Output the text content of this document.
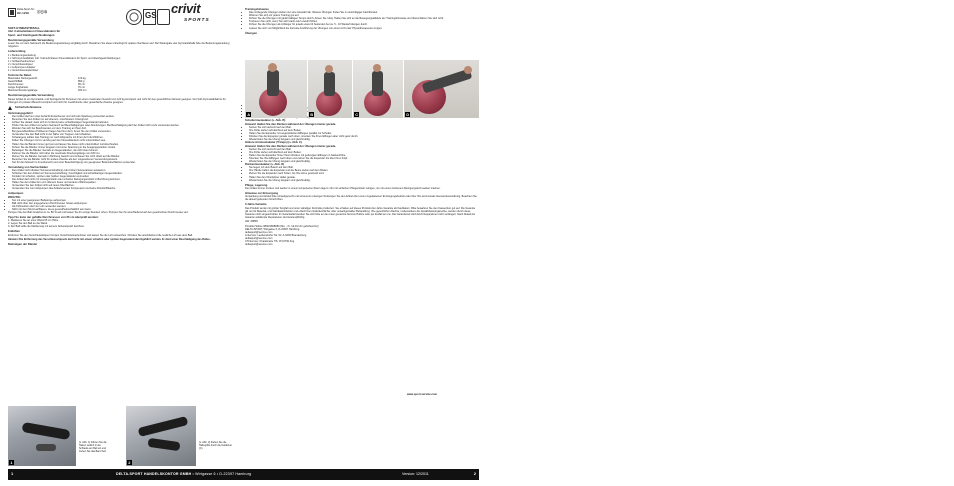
Delta-Sport-Nr.:
GF-1219	ⓒⓔ⊗	GS crivit
SPORTS
SOFT-GYMNASTIKBALL
inkl. 3 abnehmbaren Fitnessbändern für
Sport- und Gleichgewichtsübungen
Bestimmungsgemäße Verwendung

Lesen Sie vor dem Gebrauch die Bedienungsanleitung sorgfältig durch. Bewahren Sie diese unbedingt für spätere Nachlesen auf. Bei Weitergabe des Gymnastikballs bitte die Bedienungsanleitung mitgeben.

Lieferumfang
1 x Bedienungsanleitung
1 x Soft-Gymnastikball, inkl. 3 abnehmbaren Fitnessbändern für Sport- und Gleichgewichtsübungen
1 x Schlauchaufnehmer
2 x Verschlussstöpsel
1 x Luftpumpen-Adapter
1 x Verschlussstopfenlöser
Technische Daten
Maximales Nutzergewicht:	120 kg
Gewicht/Ball:	890 g
Durchmesser:	65 cm
Länge Zugbänder:	70 cm
Maximal-Streckungslänge:	180 cm
Bestimmungsgemäße Verwendung

Dieser Artikel ist ein Gymnastik- und Sportgerät für Personen mit einem maximalen Gewicht von 120 kg konzipiert und nicht für den gewerblichen Einsatz geeignet. Der Soft-Gymnastikball ist für Übungen im privaten Bereich konzipiert und nicht für medizinische oder gewerbliche Zwecke geeignet.

Sicherheitshinweise
Verletzungsgefahr!
• Den Artikel darf nur unter Aufsicht Erwachsener und nicht als Spielzeug verwendet werden.
• Benutzen Sie den Artikel nur auf ebenem, rutschfestem Untergrund.
• Achten Sie darauf, dass sich im Umkreis keine scharfkantigen Gegenstände befinden.
• Prüfen Sie den Artikel vor jedem Gebrauch auf Beschädigungen oder Abnutzungen. Bei Beschädigung darf der Artikel nicht mehr verwendet werden.
• Wenden Sie sich bei Beschwerden vor dem Training an Ihren Arzt.
• Bei gesundheitlichen Problemen fragen Sie Ihren Arzt, bevor Sie den Artikel verwenden.
• Verwenden Sie den Ball nicht in der Nähe von Treppen oder Absätzen.
• Schwangere sollten das Training nur nach Absprache mit ihrem Arzt durchführen.
• Füllen Sie Übungen mit zu viel Zug auf den Fitnessbändern nicht unkontrolliert aus.
• Halten Sie die Bänder immer gut fest und lassen Sie diese nicht unkontrolliert zurückschnellen.
• Führen Sie die Bänder immer langsam und unter Spannung in die Ausgangsposition zurück.
• Befestigen Sie die Bänder niemals an Gegenständen, die sich lösen können.
• Dehnen Sie die Bänder nicht über die maximale Streckungslänge von 180 cm.
• Ziehen Sie die Bänder niemals in Richtung Gesicht und schauen Sie nicht direkt auf die Bänder.
• Benutzen Sie die Bänder nicht für andere Zwecke als den vorgesehenen Verwendungszweck.
• Nur für den Einsatz im Innenbereich und unter Beaufsichtigung von geeigneten Bodenoberflächen verwendet.
Vermeidung von Sachschäden
• Den Artikel nicht direkter Sonneneinstrahlung oder hohen Temperaturen aussetzen.
• Schützen Sie den Artikel vor Sonneneinstrahlung, Feuchtigkeit und scharfkantigen Gegenständen.
• Kontakt mit scharfen, spitzen oder heißen Gegenständen vermeiden.
• Der Artikel darf nicht mit Lösungsmitteln oder scharfen Reinigungsmitteln in Berührung kommen.
• Halten Sie den Artikel fern von offenem Feuer und anderen Wärmequellen.
• Verwenden Sie den Artikel nicht auf rauen Oberflächen.
• Verwenden Sie zum Aufpumpen des Artikels keinen Kompressor und keine Druckluftflasche.
Aufpumpen
WICHTIG:
• Nur mit einer geeigneten Ballpumpe aufpumpen.
• Ball nicht über den angegebenen Durchmesser hinaus aufpumpen.
• Als Füllmedium darf nur Luft verwendet werden.
• Nicht mit dem Mund aufblasen, da es gesundheitsschädlich sein kann.

Pumpen Sie den Ball zunächst zu ca. 80 % auf und lassen Sie ihn einige Stunden ruhen. Pumpen Sie ihn anschließend auf den gewünschten Durchmesser auf.

Tipp! So kann der gefüllte Durchmesser von 65 cm überprüft werden:
1. Markieren Sie an einer Wand 65 cm Höhe.
2. Legen Sie den Ball an die Wand.
3. Der Ball sollte die Markierung mit seinem Scheitelpunkt berühren.
Entlüften

Entfernen Sie den Verschlussstöpsel mit dem Verschlussstopfenlöser und lassen Sie die Luft entweichen. Drücken Sie anschließend die restliche Luft aus dem Ball.

Hinweis! Die Entfernung des Verschlussstöpsels darf nicht mit einem scharfen oder spitzen Gegenstand durchgeführt werden. Er dient einer Beschädigung des Balles.

Befestigen der Bänder
1
(s. Abb. 1) Führen Sie die Haken seitlich in die Schlaufe am Ball ein und ziehen Sie das Band fest.
2
(s. Abb. 2) Ziehen Sie die Haltegriffe durch die Karabiner (C).
Trainingshinweise
• Das vorliegende Übungen stellen nur eine Auswahl dar. Weitere Übungen finden Sie in einschlägiger Fachliteratur.
• Wärmen Sie sich vor jedem Training gut auf.
• Führen Sie die Übungen mit gleichmäßigen Tempo durch. Atmen Sie ruhig. Halten Sie sich an die Bewegungsabläufe der Trainingshinweise und überschätzen Sie sich nicht.
• Trainieren Sie nicht, wenn Sie sich krank oder unwohl fühlen.
• Führen Sie die Übungen als Anfänger für jeweils etwa 10 Sekunden bei ca. 5 - 10 Wiederholungen durch.
• Lassen Sie sich von Möglichkeit die korrekte Ausführung der Übungen von einem Arzt oder Physiotherapeuten zeigen.
Übungen
•
•
•
•
•
Schultermuskulatur (s. Abb. B)
Hinweis! Halten Sie den Rücken während der Übungen immer gerade.
• Setzen Sie sich aufrecht auf den Ball.
• Ihre Füße stehen schulterbreit auf dem Boden.
• Halten Sie die Expander mit angewinkelten Ellbogen parallel zur Schulter.
• Drücken Sie die Expander gerade nach oben, strecken Sie Ihren Ellbogen aber nicht ganz durch.
• Wiederholen Sie die Übung langsam und gleichmäßig.
Hintere Armmuskulatur (Trizeps) (s. Abb. C)
Hinweis! Halten Sie den Rücken während der Übungen immer gerade.
• Setzen Sie sich aufrecht auf den Ball.
• Ihre Füße stehen schulterbreit auf dem Boden.
• Halten Sie die Expander hinter Ihrem Rücken mit gebeugten Ellbogen in Nackenhöhe.
• Strecken Sie Ihre Ellbogen nach oben und ziehen Sie die Expander bis über Ihren Kopf.
• Wiederholen Sie die Übung langsam und gleichmäßig.
Rückenmuskulatur (s. Abb. D)
• Sie liegen mit dem Bauch auf dem Ball.
• Ihre Hände halten die Expander und die Beine stehen auf dem Boden.
• Ziehen Sie die Expander nach hinten, bis Ihre Arme gestreckt sind.
• Halten Sie den Oberkörper dabei gerade.
• Wiederholen Sie die Übung langsam und gleichmäßig.
Pflege, Lagerung

Den Artikel immer trocken und sauber in einem temperierten Raum lagern. Nur mit einfachen Pflegemitteln reinigen, nie mit einem trockenen Reinigungstuch sauber machen.

Hinweise zur Entsorgung

Verpackung und Artikel bitte umweltgerecht und sortenrein entsorgen! Entsorgen Sie den Artikel über einen zugelassenen Entsorgungsbetrieb oder über Ihre kommunale Gemeindeverwaltung. Beachten Sie die aktuell geltenden Vorschriften.

3 Jahre Garantie

Das Produkt wurde mit großer Sorgfalt und unter ständiger Kontrolle produziert. Sie erhalten auf dieses Produkt drei Jahre Garantie ab Kaufdatum. Bitte bewahren Sie den Kassenbon gut auf. Die Garantie gilt nur für Material- und Fabrikationsfehler und erlischt bei missbräuchlicher oder unsachgemäßer Behandlung. Ihre gesetzlichen Rechte, insbesondere die Gewährleistungsrechte, werden durch diese Garantie nicht eingeschränkt. Im Garantiefall wenden Sie sich bitte an die unten genannte Service-Hotline oder per E-Mail an uns. Die Garantiezeit wird durch Reparaturen nicht verlängert. Nach Ablauf der Garantie anfallende Reparaturen sind kostenpflichtig.

IAN: 68835

Produkt-Hotline 0800/1808080 (Mo. - Fr. 10-16 Uhr gebührenfrei)
DELTA-SPORT, Wirtgasse 6, D-22397 Hamburg
deltasport@service.com
A-Service: Laubersdorfer Str. 62, A-6230 Brandenberg
deltasport@service.com
CH-Service: Chatelmatte 7/5, CH-6700 Zug
deltasport@service.com
A	B	C	D
www.sport-service.com
1	DELTA-SPORT HANDELSKONTOR GMBH • Wirtgasse 6 • D-22397 Hamburg	Version: 12/2011	2
